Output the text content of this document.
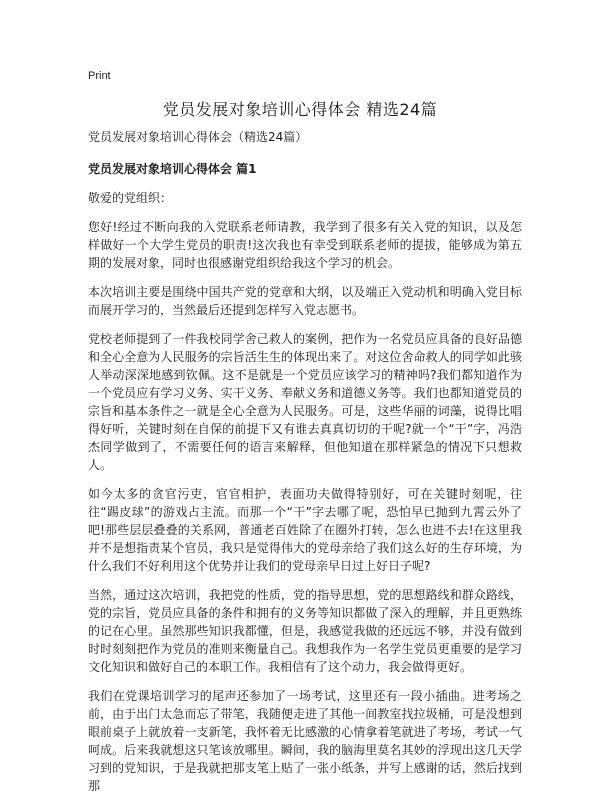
Print
党员发展对象培训心得体会 精选24篇

党员发展对象培训心得体会（精选24篇）

党员发展对象培训心得体会 篇1

敬爱的党组织：

您好!经过不断向我的入党联系老师请教，我学到了很多有关入党的知识，以及怎样做好一个大学生党员的职责!这次我也有幸受到联系老师的提拔，能够成为第五期的发展对象，同时也很感谢党组织给我这个学习的机会。

本次培训主要是围绕中国共产党的党章和大纲，以及端正入党动机和明确入党目标而展开学习的，当然最后还提到怎样写入党志愿书。

党校老师提到了一件我校同学舍己救人的案例，把作为一名党员应具备的良好品德和全心全意为人民服务的宗旨活生生的体现出来了。对这位舍命救人的同学如此骇人举动深深地感到钦佩。这不是就是一个党员应该学习的精神吗?我们都知道作为一个党员应有学习义务、实干义务、奉献义务和道德义务等。我们也都知道党员的宗旨和基本条件之一就是全心全意为人民服务。可是，这些华丽的词藻，说得比唱得好听，关键时刻在自保的前提下又有谁去真真切切的干呢?就一个“干”字，冯浩杰同学做到了，不需要任何的语言来解释，但他知道在那样紧急的情况下只想救人。

如今太多的贪官污吏，官官相护，表面功夫做得特别好，可在关键时刻呢，往往“踢皮球”的游戏占主流。而那一个“干”字去哪了呢，恐怕早已抛到九霄云外了吧!那些层层叠叠的关系网，普通老百姓除了在圈外打转，怎么也进不去!在这里我并不是想指责某个官员，我只是觉得伟大的党母亲给了我们这么好的生存环境，为什么我们不好利用这个优势并让我们的党母亲早日过上好日子呢?

当然，通过这次培训，我把党的性质，党的指导思想，党的思想路线和群众路线，党的宗旨，党员应具备的条件和拥有的义务等知识都做了深入的理解，并且更熟练的记在心里。虽然那些知识我都懂，但是，我感觉我做的还远远不够，并没有做到时时刻刻把作为党员的准则来衡量自己。我想我作为一名学生党员更重要的是学习文化知识和做好自己的本职工作。我相信有了这个动力，我会做得更好。

我们在党课培训学习的尾声还参加了一场考试，这里还有一段小插曲。进考场之前，由于出门太急而忘了带笔，我随便走进了其他一间教室找拉圾桶，可是没想到眼前桌子上就放着一支新笔，我怀着无比感激的心情拿着笔就进了考场，考试一气呵成。后来我就想这只笔该放哪里。瞬间，我的脑海里莫名其妙的浮现出这几天学习到的党知识，于是我就把那支笔上贴了一张小纸条，并写上感谢的话，然后找到那
